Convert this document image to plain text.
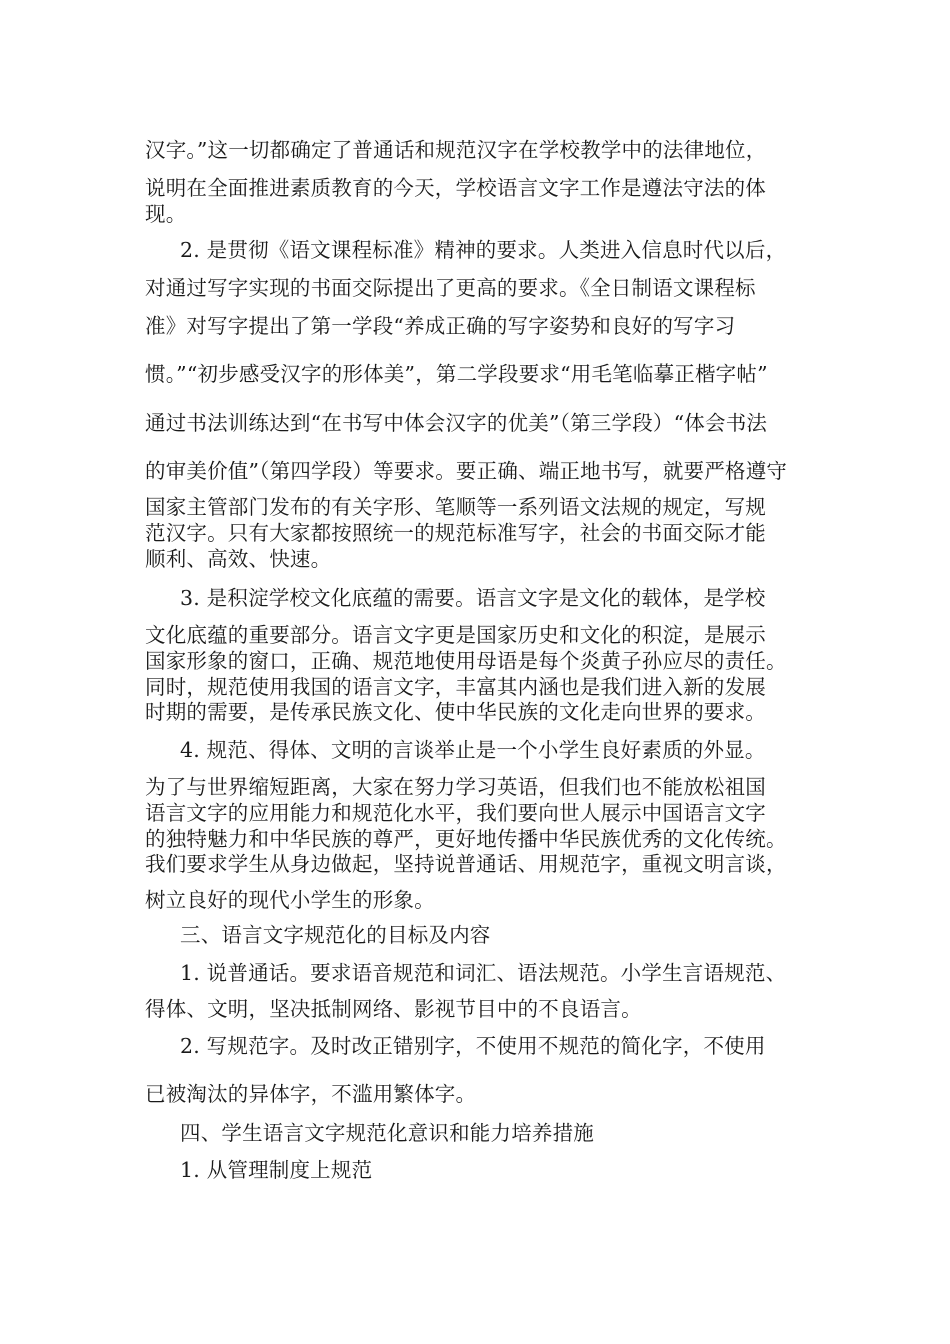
汉字。”这一切都确定了普通话和规范汉字在学校教学中的法律地位，
说明在全面推进素质教育的今天，学校语言文字工作是遵法守法的体
现。
2. 是贯彻《语文课程标准》精神的要求。人类进入信息时代以后，
对通过写字实现的书面交际提出了更高的要求。《全日制语文课程标
准》对写字提出了第一学段“养成正确的写字姿势和良好的写字习
惯。”“初步感受汉字的形体美”，第二学段要求“用毛笔临摹正楷字帖”
通过书法训练达到“在书写中体会汉字的优美”（第三学段）“体会书法
的审美价值”（第四学段）等要求。要正确、端正地书写，就要严格遵守
国家主管部门发布的有关字形、笔顺等一系列语文法规的规定，写规
范汉字。只有大家都按照统一的规范标准写字，社会的书面交际才能
顺利、高效、快速。
3. 是积淀学校文化底蕴的需要。语言文字是文化的载体，是学校
文化底蕴的重要部分。语言文字更是国家历史和文化的积淀，是展示
国家形象的窗口，正确、规范地使用母语是每个炎黄子孙应尽的责任。
同时，规范使用我国的语言文字，丰富其内涵也是我们进入新的发展
时期的需要，是传承民族文化、使中华民族的文化走向世界的要求。
4. 规范、得体、文明的言谈举止是一个小学生良好素质的外显。
为了与世界缩短距离，大家在努力学习英语，但我们也不能放松祖国
语言文字的应用能力和规范化水平，我们要向世人展示中国语言文字
的独特魅力和中华民族的尊严，更好地传播中华民族优秀的文化传统。
我们要求学生从身边做起，坚持说普通话、用规范字，重视文明言谈，
树立良好的现代小学生的形象。
三、语言文字规范化的目标及内容
1. 说普通话。要求语音规范和词汇、语法规范。小学生言语规范、
得体、文明，坚决抵制网络、影视节目中的不良语言。
2. 写规范字。及时改正错别字，不使用不规范的简化字，不使用
已被淘汰的异体字，不滥用繁体字。
四、学生语言文字规范化意识和能力培养措施
1. 从管理制度上规范
